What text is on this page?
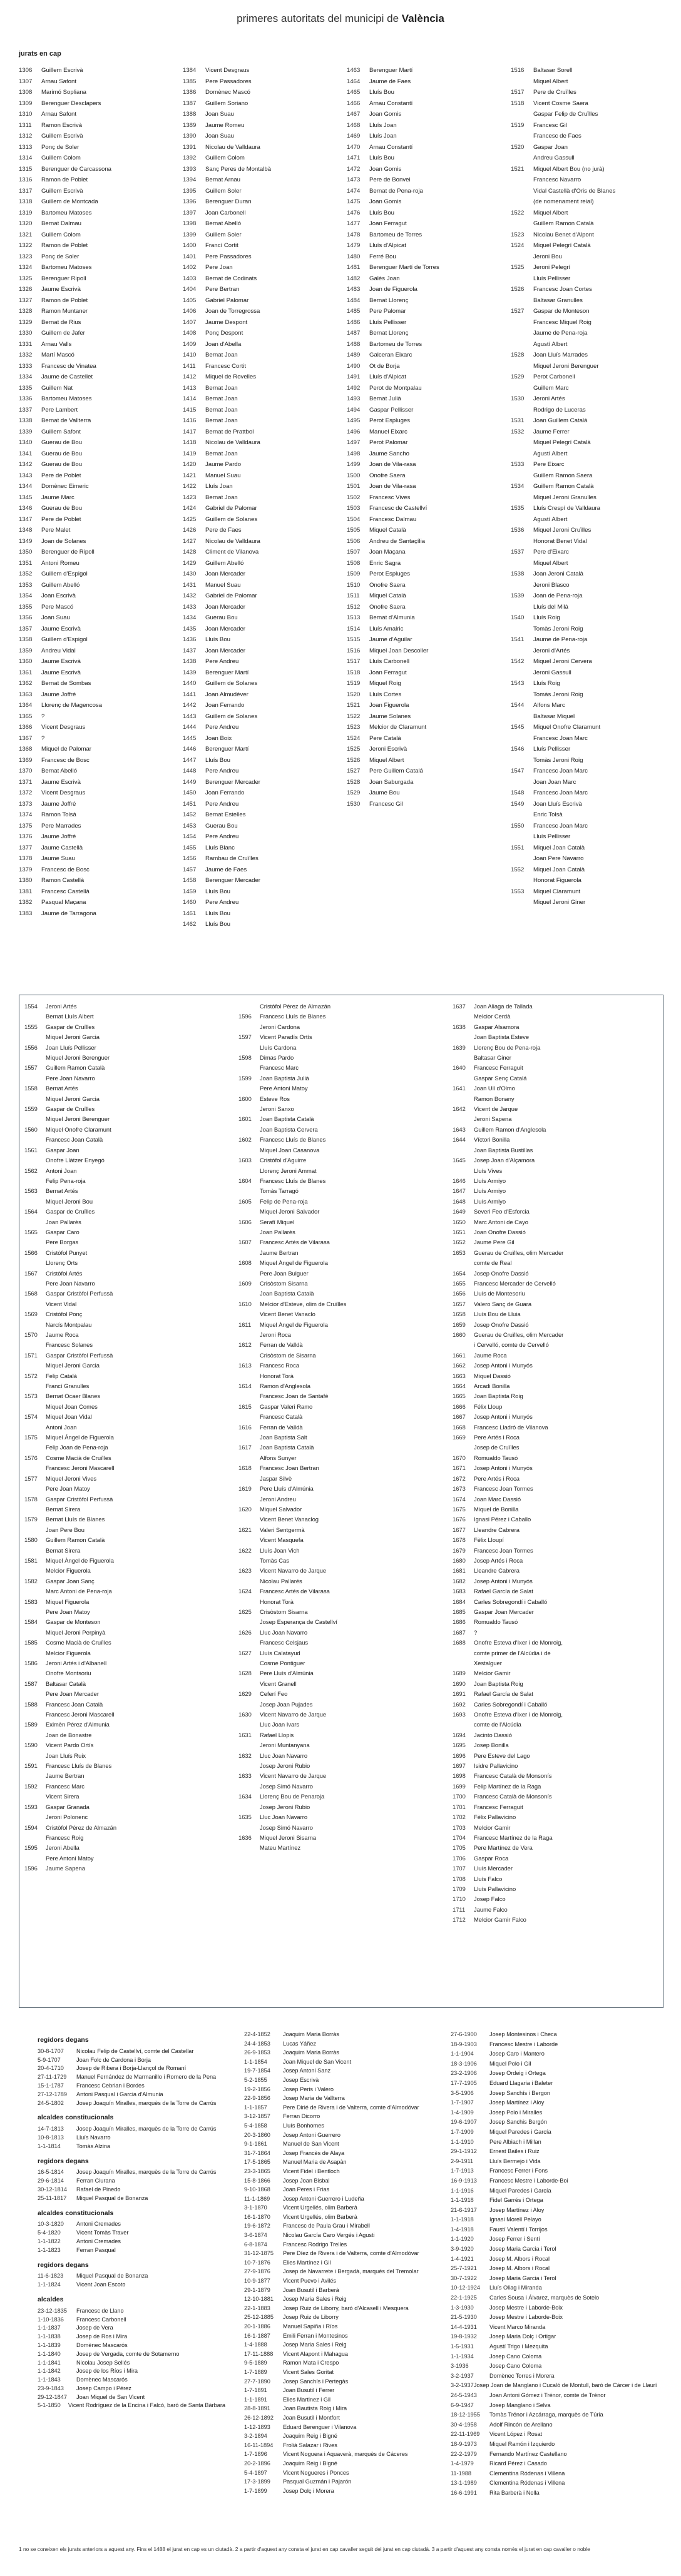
primeres autoritats del municipi de València
jurats en cap
1306	Guillem Escrivà
1307	Arnau Safont
1308	Marimó Sopliana
1309	Berenguer Desclapers
1310	Arnau Safont
1311	Ramon Escrivà
1312	Guillem Escrivà
1313	Ponç de Soler
1314	Guillem Colom
1315	Berenguer de Carcassona
1316	Ramon de Poblet
1317	Guillem Escrivà
1318	Guillem de Montcada
1319	Bartomeu Matoses
1320	Bernat Dalmau
1321	Guillem Colom
1322	Ramon de Poblet
1323	Ponç de Soler
1324	Bartomeu Matoses
1325	Berenguer Ripoll
1326	Jaume Escrivà
1327	Ramon de Poblet
1328	Ramon Muntaner
1329	Bernat de Rius
1330	Guillem de Jafer
1331	Arnau Valls
1332	Martí Mascó
1333	Francesc de Vinatea
1334	Jaume de Castellet
1335	Guillem Nat
1336	Bartomeu Matoses
1337	Pere Lambert
1338	Bernat de Vallterra
1339	Guillem Safont
1340	Guerau de Bou
1341	Guerau de Bou
1342	Guerau de Bou
1343	Pere de Poblet
1344	Domènec Eimeric
1345	Jaume Marc
1346	Guerau de Bou
1347	Pere de Poblet
1348	Pere Malet
1349	Joan de Solanes
1350	Berenguer de Ripoll
1351	Antoni Romeu
1352	Guillem d'Espigol
1353	Guillem Abelló
1354	Joan Escrivà
1355	Pere Mascó
1356	Joan Suau
1357	Jaume Escrivà
1358	Guillem d'Espigol
1359	Andreu Vidal
1360	Jaume Escrivà
1361	Jaume Escrivà
1362	Bernat de Sombas
1363	Jaume Joffré
1364	Llorenç de Magencosa
1365	?
1366	Vicent Desgraus
1367	?
1368	Miquel de Palomar
1369	Francesc de Bosc
1370	Bernat Abelló
1371	Jaume Escrivà
1372	Vicent Desgraus
1373	Jaume Joffré
1374	Ramon Tolsà
1375	Pere Marrades
1376	Jaume Joffré
1377	Jaume Castellà
1378	Jaume Suau
1379	Francesc de Bosc
1380	Ramon Castellà
1381	Francesc Castellà
1382	Pasqual Maçana
1383	Jaume de Tarragona
1384	Vicent Desgraus
1385	Pere Passadores
1386	Domènec Mascó
1387	Guillem Soriano
1388	Joan Suau
1389	Jaume Romeu
1390	Joan Suau
1391	Nicolau de Valldaura
1392	Guillem Colom
1393	Sanç Peres de Montalbà
1394	Bernat Arnau
1395	Guillem Soler
1396	Berenguer Duran
1397	Joan Carbonell
1398	Bernat Abelló
1399	Guillem Soler
1400	Francí Cortit
1401	Pere Passadores
1402	Pere Joan
1403	Bernat de Codinats
1404	Pere Bertran
1405	Gabriel Palomar
1406	Joan de Torregrossa
1407	Jaume Despont
1408	Ponç Despont
1409	Joan d'Abella
1410	Bernat Joan
1411	Francesc Cortit
1412	Miquel de Rovelles
1413	Bernat Joan
1414	Bernat Joan
1415	Bernat Joan
1416	Bernat Joan
1417	Bernat de Prattbol
1418	Nicolau de Valldaura
1419	Bernat Joan
1420	Jaume Pardo
1421	Manuel Suau
1422	Lluís Joan
1423	Bernat Joan
1424	Gabriel de Palomar
1425	Guillem de Solanes
1426	Pere de Faes
1427	Nicolau de Valldaura
1428	Climent de Vilanova
1429	Guillem Abelló
1430	Joan Mercader
1431	Manuel Suau
1432	Gabriel de Palomar
1433	Joan Mercader
1434	Guerau Bou
1435	Joan Mercader
1436	Lluís Bou
1437	Joan Mercader
1438	Pere Andreu
1439	Berenguer Martí
1440	Guillem de Solanes
1441	Joan Almudéver
1442	Joan Ferrando
1443	Guillem de Solanes
1444	Pere Andreu
1445	Joan Boix
1446	Berenguer Martí
1447	Lluís Bou
1448	Pere Andreu
1449	Berenguer Mercader
1450	Joan Ferrando
1451	Pere Andreu
1452	Bernat Estelles
1453	Guerau Bou
1454	Pere Andreu
1455	Lluís Blanc
1456	Rambau de Cruïlles
1457	Jaume de Faes
1458	Berenguer Mercader
1459	Lluís Bou
1460	Pere Andreu
1461	Lluís Bou
1462	Lluís Bou
1463	Berenguer Martí
1464	Jaume de Faes
1465	Lluís Bou
1466	Arnau Constantí
1467	Joan Gomis
1468	Lluís Joan
1469	Lluís Joan
1470	Arnau Constantí
1471	Lluís Bou
1472	Joan Gomis
1473	Pere de Bonvei
1474	Bernat de Pena-roja
1475	Joan Gomis
1476	Lluís Bou
1477	Joan Ferragut
1478	Bartomeu de Torres
1479	Lluís d'Alpicat
1480	Ferré Bou
1481	Berenguer Martí de Torres
1482	Galès Joan
1483	Joan de Figuerola
1484	Bernat Llorenç
1485	Pere Palomar
1486	Lluís Pellisser
1487	Bernat Llorenç
1488	Bartomeu de Torres
1489	Galceran Eixarc
1490	Ot de Borja
1491	Lluís d'Alpicat
1492	Perot de Montpalau
1493	Bernat Julià
1494	Gaspar Pellisser
1495	Perot Espluges
1496	Manuel Eixarc
1497	Perot Palomar
1498	Jaume Sancho
1499	Joan de Vila-rasa
1500	Onofre Saera
1501	Joan de Vila-rasa
1502	Francesc Vives
1503	Francesc de Castellví
1504	Francesc Dalmau
1505	Miquel Català
1506	Andreu de Santaçília
1507	Joan Maçana
1508	Enric Sagra
1509	Perot Espluges
1510	Onofre Saera
1511	Miquel Català
1512	Onofre Saera
1513	Bernat d'Almunia
1514	Lluís Amalric
1515	Jaume d'Aguilar
1516	Miquel Joan Descoller
1517	Lluís Carbonell
1518	Joan Ferragut
1519	Miquel Roig
1520	Lluís Cortes
1521	Joan Figuerola
1522	Jaume Solanes
1523	Melcior de Claramunt
1524	Pere Català
1525	Jeroni Escrivà
1526	Miquel Albert
1527	Pere Guillem Catalá
1528	Joan Saburgada
1529	Jaume Bou
1530	Francesc Gil
1516	Baltasar Sorell
Miquel Albert
1517	Pere de Cruïlles
1518	Vicent Cosme Saera
Gaspar Felip de Cruïlles
1519	Francesc Gil
Francesc de Faes
1520	Gaspar Joan
Andreu Gassull
1521	Miquel Albert Bou (no jurà)
Francesc Navarro
Vidal Castellà d'Oris de Blanes
(de nomenament reial)
1522	Miquel Albert
Guillem Ramon Català
1523	Nicolau Benet d'Alpont
1524	Miquel Pelegrí Català
Jeroni Bou
1525	Jeroni Pelegrí
Lluís Pellisser
1526	Francesc Joan Cortes
Baltasar Granulles
1527	Gaspar de Monteson
Francesc Miquel Roig
Jaume de Pena-roja
Agustí Albert
1528	Joan Lluís Marrades
Miquel Jeroni Berenguer
1529	Perot Carbonell
Guillem Marc
1530	Jeroni Artés
Rodrigo de Luceras
1531	Joan Guillem Catalá
1532	Jaume Ferrer
Miquel Pelegrí Català
Agustí Albert
1533	Pere Eixarc
Guillem Ramon Saera
1534	Guillem Ramon Català
Miquel Jeroni Granulles
1535	Lluís Crespí de Valldaura
Agustí Albert
1536	Miquel Jeroni Cruïlles
Honorat Benet Vidal
1537	Pere d'Eixarc
Miquel Albert
1538	Joan Jeroni Català
Jeroni Blasco
1539	Joan de Pena-roja
Lluís del Milà
1540	Lluís Roig
Tomàs Jeroni Roig
1541	Jaume de Pena-roja
Jeroni d'Artés
1542	Miquel Jeroni Cervera
Jeroni Gassull
1543	Lluís Roig
Tomàs Jeroni Roig
1544	Alfons Marc
Baltasar Miquel
1545	Miquel Onofre Claramunt
Francesc Joan Marc
1546	Lluís Pellisser
Tomàs Jeroni Roig
1547	Francesc Joan Marc
Joan Joan Marc
1548	Francesc Joan Marc
1549	Joan Lluís Escrivà
Enric Tolsà
1550	Francesc Joan Marc
Lluís Pellisser
1551	Miquel Joan Català
Joan Pere Navarro
1552	Miquel Joan Català
Honorat Figuerola
1553	Miquel Claramunt
Miquel Jeroni Giner
1554	Jeroni Artés
Bernat Lluís Albert
1555	Gaspar de Cruïlles
Miquel Jeroni Garcia
1556	Joan Lluís Pellisser
Miquel Jeroni Berenguer
1557	Guillem Ramon Català
Pere Joan Navarro
1558	Bernat Artés
Miquel Jeroni Garcia
1559	Gaspar de Cruïlles
Miquel Jeroni Berenguer
1560	Miquel Onofre Claramunt
Francesc Joan Català
1561	Gaspar Joan
Onofre Llàtzer Enyegó
1562	Antoni Joan
Felip Pena-roja
1563	Bernat Artés
Miquel Jeroni Bou
1564	Gaspar de Cruïlles
Joan Pallarès
1565	Gaspar Caro
Pere Borgas
1566	Cristòfol Punyet
Llorenç Orts
1567	Cristòfol Artés
Pere Joan Navarro
1568	Gaspar Cristòfol Perfussà
Vicent Vidal
1569	Cristòfol Ponç
Narcís Montpalau
1570	Jaume Roca
Francesc Solanes
1571	Gaspar Cristòfol Perfussà
Miquel Jeroni Garcia
1572	Felip Català
Francí Granulles
1573	Bernat Ocaer Blanes
Miquel Joan Comes
1574	Miquel Joan Vidal
Antoni Joan
1575	Miquel Ángel de Figuerola
Felip Joan de Pena-roja
1576	Cosme Macià de Cruïlles
Francesc Jeroni Mascarell
1577	Miquel Jeroni Vives
Pere Joan Matoy
1578	Gaspar Cristòfol Perfussà
Bernat Sirera
1579	Bernat Lluís de Blanes
Joan Pere Bou
1580	Guillem Ramon Català
Bernat Sirera
1581	Miquel Àngel de Figuerola
Melcior Figuerola
1582	Gaspar Joan Sanç
Marc Antoni de Pena-roja
1583	Miquel Figuerola
Pere Joan Matoy
1584	Gaspar de Monteson
Miquel Jeroni Perpinyà
1585	Cosme Macià de Cruïlles
Melcior Figuerola
1586	Jeroni Artés i d'Albanell
Onofre Montsoriu
1587	Baltasar Català
Pere Joan Mercader
1588	Francesc Joan Català
Francesc Jeroni Mascarell
1589	Eximèn Pérez d'Almunia
Joan de Bonastre
1590	Vicent Pardo Ortís
Joan Lluís Ruix
1591	Francesc Lluís de Blanes
Jaume Bertran
1592	Francesc Marc
Vicent Sirera
1593	Gaspar Granada
Jeroni Polonenc
1594	Cristòfol Pérez de Almazán
Francesc Roig
1595	Jeroni Abella
Pere Antoni Matoy
1596	Jaume Sapena
Cristòfol Pérez de Almazán
1596	Francesc Lluís de Blanes
Jeroni Cardona
1597	Vicent Paradís Ortís
Lluís Cardona
1598	Dimas Pardo
Francesc Marc
1599	Joan Baptista Julià
Pere Antoni Matoy
1600	Esteve Ros
Jeroni Sanxo
1601	Joan Baptista Català
Joan Baptista Cervera
1602	Francesc Lluís de Blanes
Miquel Joan Casanova
1603	Cristòfol d'Aguirre
Llorenç Jeroni Ammat
1604	Francesc Lluís de Blanes
Tomàs Tarragó
1605	Felip de Pena-roja
Miquel Jeroni Salvador
1606	Serafí Miquel
Joan Pallarès
1607	Francesc Artés de Vilarasa
Jaume Bertran
1608	Miquel Àngel de Figuerola
Pere Joan Bulguer
1609	Crisòstom Sisarna
Joan Baptista Català
1610	Melcior d'Esteve, olim de Cruïlles
Vicent Benet Vanaclo
1611	Miquel Àngel de Figuerola
Jeroni Roca
1612	Ferran de Valldà
Crisòstom de Sisarna
1613	Francesc Roca
Honorat Torà
1614	Ramon d'Anglesola
Francesc Joan de Santafè
1615	Gaspar Valeri Ramo
Francesc Català
1616	Ferran de Valldà
Joan Baptista Salt
1617	Joan Baptista Català
Alfons Sunyer
1618	Francesc Joan Bertran
Jaspar Silvè
1619	Pere Lluís d'Almúnia
Jeroni Andreu
1620	Miquel Salvador
Vicent Benet Vanaclog
1621	Valeri Sentgermà
Vicent Masquefa
1622	Lluís Joan Vich
Tomàs Cas
1623	Vicent Navarro de Jarque
Nicolau Pallarés
1624	Francesc Artés de Vilarasa
Honorat Torà
1625	Crisòstom Sisarna
Josep Esperança de Castellví
1626	Lluc Joan Navarro
Francesc Celsjaus
1627	Lluís Calatayud
Cosme Pontiguer
1628	Pere Lluís d'Almúnia
Vicent Granell
1629	Ceferí Feo
Josep Joan Pujades
1630	Vicent Navarro de Jarque
Lluc Joan Ivars
1631	Rafael Llopis
Jeroni Muntanyana
1632	Lluc Joan Navarro
Josep Jeroni Rubio
1633	Vicent Navarro de Jarque
Josep Simó Navarro
1634	Llorenç Bou de Penaroja
Josep Jeroni Rubio
1635	Lluc Joan Navarro
Josep Simó Navarro
1636	Miquel Jeroni Sisarna
Mateu Martínez
1637	Joan Aliaga de Tallada
Melcior Cerdà
1638	Gaspar Alsamora
Joan Baptista Esteve
1639	Llorenç Bou de Pena-roja
Baltasar Giner
1640	Francesc Ferraguit
Gaspar Senç Catalá
1641	Joan Ull d'Olmo
Ramon Bonany
1642	Vicent de Jarque
Jeroni Sapena
1643	Guillem Ramon d'Anglesola
1644	Víctori Bonilla
Joan Baptista Bustillas
1645	Josep Joan d'Alçamora
Lluís Vives
1646	Lluís Armiyo
1647	Lluís Armiyo
1648	Lluís Armiyo
1649	Severi Feo d'Esforcia
1650	Marc Antoni de Cayo
1651	Joan Onofre Dassió
1652	Jaume Pere Gil
1653	Guerau de Cruïlles, olim Mercader
comte de Real
1654	Josep Onofre Dassió
1655	Francesc Mercader de Cervelló
1656	Lluís de Montesoriu
1657	Valero Sanç de Guara
1658	Lluís Bou de Lluia
1659	Josep Onofre Dassió
1660	Guerau de Cruïlles, olim Mercader
i Cervelló, comte de Cervelló
1661	Jaume Roca
1662	Josep Antoni i Munyós
1663	Miquel Dassió
1664	Arcadi Bonilla
1665	Joan Baptista Roig
1666	Félix Lloup
1667	Josep Antoni i Munyós
1668	Francesc Lladró de Vilanova
1669	Pere Artés i Roca
Josep de Cruïlles
1670	Romualdo Tausó
1671	Josep Antoni i Munyós
1672	Pere Artés i Roca
1673	Francesc Joan Tormes
1674	Joan Marc Dassió
1675	Miquel de Bonilla
1676	Ignasi Pérez i Caballo
1677	Lleandre Cabrera
1678	Fèlix Lloupí
1679	Francesc Joan Tormes
1680	Josep Artés i Roca
1681	Lleandre Cabrera
1682	Josep Antoni i Munyós
1683	Rafael García de Salat
1684	Carles Sobregondí i Caballó
1685	Gaspar Joan Mercader
1686	Romualdo Tausó
1687	?
1688	Onofre Esteva d'Ixer i de Monroig,
comte primer de l'Alcúdia i de
Xestalguer
1689	Melcior Gamir
1690	Joan Baptista Roig
1691	Rafael García de Salat
1692	Carles Sobregondí i Caballó
1693	Onofre Esteva d'Ixer i de Monroig,
comte de l'Alcúdia
1694	Jacinto Dassió
1695	Josep Bonilla
1696	Pere Esteve del Lago
1697	Isidre Pallavicino
1698	Francesc Català de Monsonís
1699	Felip Martínez de la Raga
1700	Francesc Català de Monsonís
1701	Francesc Ferraguit
1702	Fèlix Pallavicino
1703	Melcior Gamir
1704	Francesc Martínez de la Raga
1705	Pere Martínez de Vera
1706	Gaspar Roca
1707	Lluís Mercader
1708	Lluís Falco
1709	Lluís Pallavicino
1710	Josep Falco
1711	Jaume Falco
1712	Melcior Gamir Falco
regidors degans
30-8-1707	Nicolau Felip de Castellví, comte del Castellar
5-9-1707	Joan Folc de Cardona i Borja
20-4-1710	Josep de Ribera i Borja-Llançol de Romaní
27-11-1729	Manuel Fernández de Marmanillo i Romero de la Pena
15-1-1787	Francesc Cebrian i Bordes
27-12-1789	Antoni Pasqual i Garcia d'Almunia
24-5-1802	Josep Joaquín Miralles, marquès de la Torre de Carrús
alcaldes constitucionals
14-7-1813	Josep Joaquín Miralles, marquès de la Torre de Carrús
10-8-1813	Lluís Navarro
1-1-1814	Tomàs Alzina
regidors degans
16-5-1814	Josep Joaquín Miralles, marquès de la Torre de Carrús
29-6-1814	Ferran Ciurana
30-12-1814	Rafael de Pinedo
25-11-1817	Miquel Pasqual de Bonanza
alcaldes constitucionals
10-3-1820	Antoni Cremades
5-4-1820	Vicent Tomàs Traver
1-1-1822	Antoni Cremades
1-1-1823	Ferran Pasqual
regidors degans
11-6-1823	Miquel Pasqual de Bonanza
1-1-1824	Vicent Joan Escoto
alcaldes
23-12-1835	Francesc de Llano
1-10-1836	Francesc Carbonell
1-1-1837	Josep de Vera
1-1-1838	Josep de Ros i Mira
1-1-1839	Domènec Mascarós
1-1-1840	Josep de Vergada, comte de Sotamerno
1-1-1841	Nicolau Josep Sellés
1-1-1842	Josep de los Ríos i Mira
1-1-1843	Domènec Mascarós
23-9-1843	Josep Campo i Pérez
29-12-1847	Joan Miquel de San Vicent
5-1-1850	Vicent Rodríguez de la Encina i Falcó, baró de Santa Bàrbara
22-4-1852	Joaquim Maria Borràs
24-4-1853	Lucas Yáñez
26-9-1853	Joaquim Maria Borràs
1-1-1854	Joan Miquel de San Vicent
19-7-1854	Josep Antoni Sanz
5-2-1855	Josep Escrivà
19-2-1856	Josep Peris i Valero
22-9-1856	Josep Maria de Vallterra
1-1-1857	Pere Dirié de Rivera i de Valterra, comte d'Almodóvar
3-12-1857	Ferran Dicorro
5-4-1858	Lluís Bonhomes
20-3-1860	Josep Antoni Guerrero
9-1-1861	Manuel de San Vicent
31-7-1864	Josep Francès de Alaya
17-5-1865	Manuel Maria de Asapàn
23-3-1865	Vicent Fidel i Bentloch
15-8-1866	Josep Joan Bisbal
9-10-1868	Joan Peres i Frias
11-1-1869	Josep Antoni Guerrero i Ludeña
3-1-1870	Vicent Urgellés, olim Barberà
16-1-1870	Vicent Urgellés, olim Barberà
19-6-1872	Francesc de Paula Grau i Mirabell
3-6-1874	Nicolau García Caro Vergés i Agusti
6-8-1874	Francesc Rodrigo Trelles
31-12-1875	Pere Díez de Rivera i de Valterra, comte d'Almodóvar
10-7-1876	Elies Martínez i Gil
27-9-1876	Josep de Navarrete i Bergadà, marquès del Tremolar
10-9-1877	Vicent Puevo i Avilés
29-1-1879	Joan Busutil i Barberà
12-10-1881	Josep Maria Sales i Reig
22-1-1883	Josep Ruiz de Liborry, baró d'Alcasell i Mesquera
25-12-1885	Josep Ruiz de Liborry
20-1-1886	Manuel Sapiña i Ríos
16-1-1887	Emili Ferran i Montesinos
1-4-1888	Josep Maria Sales i Reig
17-11-1888	Vicent Alapont i Mahagua
9-5-1889	Ramon Mata i Crespo
1-7-1889	Vicent Sales Goritat
27-7-1890	Josep Sanchís i Pertegàs
1-7-1891	Joan Busutil i Ferrer
1-1-1891	Elies Martinez i Gil
28-8-1891	Joan Bautista Roig i Mira
26-12-1892	Joan Busutil i Montfort
1-12-1893	Eduard Berenguer i Vilanova
3-2-1894	Joaquim Reig i Bigné
16-11-1894	Frolià Salazar i Rives
1-7-1896	Vicent Noguera i Aquaverà, marquès de Cáceres
20-2-1896	Joaquim Reig i Bigné
5-4-1897	Vicent Nogueres i Ponces
17-3-1899	Pasqual Guzmán i Pajarón
1-7-1899	Josep Dolç i Morera
27-6-1900	Josep Montesinos i Checa
18-9-1903	Francesc Mestre i Laborde
1-1-1904	Josep Caro i Mantero
18-3-1906	Miquel Polo i Gil
23-2-1906	Josep Ordeig i Ortega
17-7-1905	Eduard Llagaria i Baleter
3-5-1906	Josep Sanchís i Bergon
1-7-1907	Josep Martínez i Aloy
1-4-1909	Josep Polo i Miralles
19-6-1907	Josep Sanchis Bergón
1-7-1909	Miquel Paredes i García
1-1-1910	Pere Albiach i Millan
29-1-1912	Ernest Bailes i Ruiz
2-9-1911	Lluís Bermejo i Vida
1-7-1913	Francesc Ferrer i Fons
16-9-1913	Francesc Mestre i Laborde-Boi
1-1-1916	Miquel Paredes i García
1-1-1918	Fidel Garrés i Ortega
21-6-1917	Josep Martínez i Aloy
1-1-1918	Ignasi Morell Pelayo
1-4-1918	Faustí Valentí i Torrijos
1-1-1920	Josep Ferrer i Sentí
3-9-1920	Josep Maria Garcia i Terol
1-4-1921	Josep M. Albors i Rocal
25-7-1921	Josep M. Albors i Rocal
30-7-1922	Josep Maria Garcia i Terol
10-12-1924	Lluís Oliag i Miranda
22-1-1925	Carles Sousa i Álvarez, marquès de Sotelo
1-3-1930	Josep Mestre i Laborde-Boix
21-5-1930	Josep Mestre i Laborde-Boix
14-4-1931	Vicent Marco Miranda
19-8-1932	Josep Maria Dolç i Ortigar
1-5-1931	Agustí Trigo i Mezquita
1-1-1934	Josep Cano Coloma
3-1936	Josep Cano Coloma
3-2-1937	Domènec Torres i Morera
3-2-1937 Josep Joan de Manglano i Cucaló de Montull, baró de Cárcer i de Llaurí
24-5-1943	Joan Antoni Gómez i Trénor, comte de Trénor
6-9-1947	Josep Manglano i Selva
18-12-1955	Tomàs Trénor i Azcárraga, marquès de Túria
30-4-1958	Adolf Rincón de Arellano
22-11-1969	Vicent López i Rosat
18-9-1973	Miquel Ramón i Izquierdo
22-2-1979	Fernando Martínez Castellano
1-4-1979	Ricard Pérez i Casado
11-1988	Clementina Ródenas i Villena
13-1-1989	Clementina Ródenas i Villena
16-6-1991	Rita Barberà i Nolla
1 no se coneixen els jurats anteriors a aquest any. Fins el 1488 el jurat en cap es un ciutadà. 2 a partir d'aquest any consta el jurat en cap cavaller seguit del jurat en cap ciutadà. 3 a partir d'aquest any consta nomès el jurat en cap cavaller o noble
